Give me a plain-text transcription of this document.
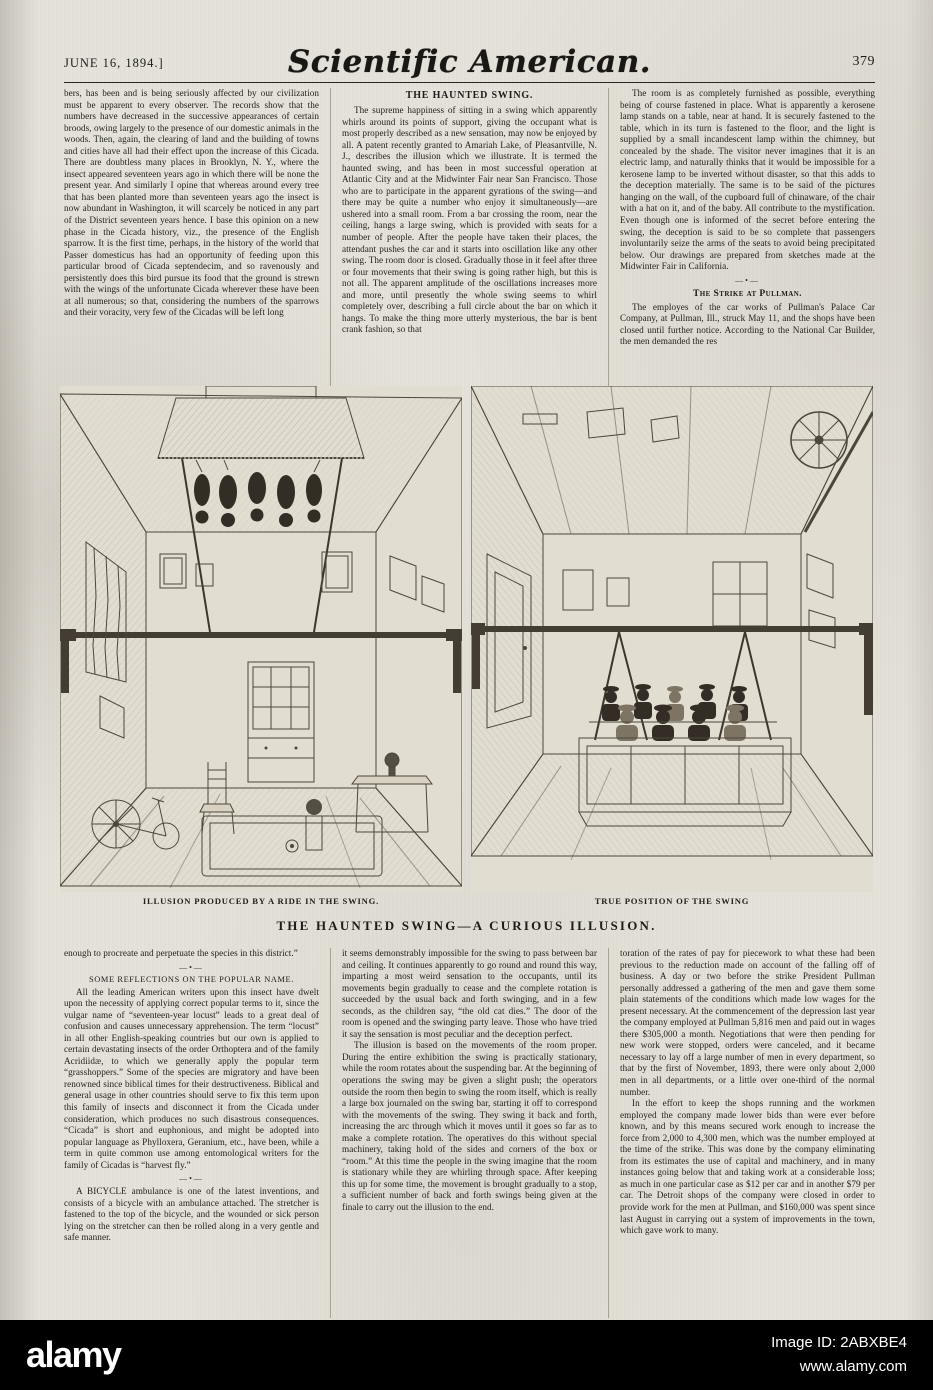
JUNE 16, 1894.]	Scientific American.	379

bers, has been and is being seriously affected by our civilization must be apparent to every observer. The records show that the numbers have decreased in the successive appearances of certain broods, owing largely to the presence of our domestic animals in the woods. Then, again, the clearing of land and the building of towns and cities have all had their effect upon the increase of this Cicada. There are doubtless many places in Brooklyn, N. Y., where the insect appeared seventeen years ago in which there will be none the present year. And similarly I opine that whereas around every tree that has been planted more than seventeen years ago the insect is now abundant in Washington, it will scarcely be noticed in any part of the District seventeen years hence. I base this opinion on a new phase in the Cicada history, viz., the presence of the English sparrow. It is the first time, perhaps, in the history of the world that Passer domesticus has had an opportunity of feeding upon this particular brood of Cicada septendecim, and so ravenously and persistently does this bird pursue its food that the ground is strewn with the wings of the unfortunate Cicada wherever these have been at all numerous; so that, considering the numbers of the sparrows and their voracity, very few of the Cicadas will be left long

THE HAUNTED SWING.

The supreme happiness of sitting in a swing which apparently whirls around its points of support, giving the occupant what is most properly described as a new sensation, may now be enjoyed by all. A patent recently granted to Amariah Lake, of Pleasantville, N. J., describes the illusion which we illustrate. It is termed the haunted swing, and has been in most successful operation at Atlantic City and at the Midwinter Fair near San Francisco. Those who are to participate in the apparent gyrations of the swing—and there may be quite a number who enjoy it simultaneously—are ushered into a small room. From a bar crossing the room, near the ceiling, hangs a large swing, which is provided with seats for a number of people. After the people have taken their places, the attendant pushes the car and it starts into oscillation like any other swing. The room door is closed. Gradually those in it feel after three or four movements that their swing is going rather high, but this is not all. The apparent amplitude of the oscillations increases more and more, until presently the whole swing seems to whirl completely over, describing a full circle about the bar on which it hangs. To make the thing more utterly mysterious, the bar is bent crank fashion, so that

The room is as completely furnished as possible, everything being of course fastened in place. What is apparently a kerosene lamp stands on a table, near at hand. It is securely fastened to the table, which in its turn is fastened to the floor, and the light is supplied by a small incandescent lamp within the chimney, but concealed by the shade. The visitor never imagines that it is an electric lamp, and naturally thinks that it would be impossible for a kerosene lamp to be inverted without disaster, so that this adds to the deception materially. The same is to be said of the pictures hanging on the wall, of the cupboard full of chinaware, of the chair with a hat on it, and of the baby. All contribute to the mystification. Even though one is informed of the secret before entering the swing, the deception is said to be so complete that passengers involuntarily seize the arms of the seats to avoid being precipitated below. Our drawings are prepared from sketches made at the Midwinter Fair in California.

―•―
The Strike at Pullman.

The employes of the car works of Pullman's Palace Car Company, at Pullman, Ill., struck May 11, and the shops have been closed until further notice. According to the National Car Builder, the men demanded the res

ILLUSION PRODUCED BY A RIDE IN THE SWING.	TRUE POSITION OF THE SWING
THE HAUNTED SWING—A CURIOUS ILLUSION.

enough to procreate and perpetuate the species in this district.”

―•―
SOME REFLECTIONS ON THE POPULAR NAME.

All the leading American writers upon this insect have dwelt upon the necessity of applying correct popular terms to it, since the vulgar name of “seventeen-year locust” leads to a great deal of confusion and causes unnecessary apprehension. The term “locust” in all other English-speaking countries but our own is applied to certain devastating insects of the order Orthoptera and of the family Acridiidæ, to which we generally apply the popular term “grasshoppers.” Some of the species are migratory and have been renowned since biblical times for their destructiveness. Biblical and general usage in other countries should serve to fix this term upon this family of insects and disconnect it from the Cicada under consideration, which produces no such disastrous consequences. “Cicada” is short and euphonious, and might be adopted into popular language as Phylloxera, Geranium, etc., have been, while a term in quite common use among entomological writers for the family of Cicadas is “harvest fly.”

―•―

A BICYCLE ambulance is one of the latest inventions, and consists of a bicycle with an ambulance attached. The stretcher is fastened to the top of the bicycle, and the wounded or sick person lying on the stretcher can then be rolled along in a very gentle and safe manner.

it seems demonstrably impossible for the swing to pass between bar and ceiling. It continues apparently to go round and round this way, imparting a most weird sensation to the occupants, until its movements begin gradually to cease and the complete rotation is succeeded by the usual back and forth swinging, and in a few seconds, as the children say, “the old cat dies.” The door of the room is opened and the swinging party leave. Those who have tried it say the sensation is most peculiar and the deception perfect.

The illusion is based on the movements of the room proper. During the entire exhibition the swing is practically stationary, while the room rotates about the suspending bar. At the beginning of operations the swing may be given a slight push; the operators outside the room then begin to swing the room itself, which is really a large box journaled on the swing bar, starting it off to correspond with the movements of the swing. They swing it back and forth, increasing the arc through which it moves until it goes so far as to make a complete rotation. The operatives do this without special machinery, taking hold of the sides and corners of the box or “room.” At this time the people in the swing imagine that the room is stationary while they are whirling through space. After keeping this up for some time, the movement is brought gradually to a stop, a sufficient number of back and forth swings being given at the finale to carry out the illusion to the end.

toration of the rates of pay for piecework to what these had been previous to the reduction made on account of the falling off of business. A day or two before the strike President Pullman personally addressed a gathering of the men and gave them some plain statements of the conditions which made low wages for the present necessary. At the commencement of the depression last year the company employed at Pullman 5,816 men and paid out in wages there $305,000 a month. Negotiations that were then pending for new work were stopped, orders were canceled, and it became necessary to lay off a large number of men in every department, so that by the first of November, 1893, there were only about 2,000 men in all departments, or a little over one-third of the normal number.

In the effort to keep the shops running and the workmen employed the company made lower bids than were ever before known, and by this means secured work enough to increase the force from 2,000 to 4,300 men, which was the number employed at the time of the strike. This was done by the company eliminating from its estimates the use of capital and machinery, and in many instances going below that and taking work at a considerable loss; as much in one particular case as $12 per car and in another $79 per car. The Detroit shops of the company were closed in order to provide work for the men at Pullman, and $160,000 was spent since last August in carrying out a system of improvements in the town, which gave work to many.

alamy	Image ID: 2ABXBE4
www.alamy.com
